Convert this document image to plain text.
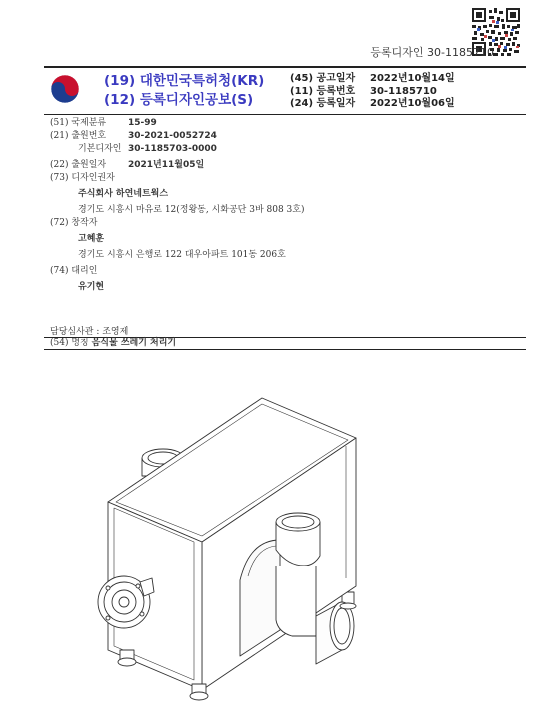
등록디자인 30-1185710
(19) 대한민국특허청(KR)
(12) 등록디자인공보(S)
(45) 공고일자	2022년10월14일
(11) 등록번호	30-1185710
(24) 등록일자	2022년10월06일
(51) 국제분류	15-99
(21) 출원번호	30-2021-0052724
기본디자인 30-1185703-0000
(22) 출원일자	2021년11월05일
(73) 디자인권자
주식회사 하연네트웍스
경기도 시흥시 마유로 12(정왕동, 시화공단 3바 808 3호)
(72) 창작자
고혜훈
경기도 시흥시 은행로 122 대우아파트 101동 206호
(74) 대리인
유기현
담당심사관 : 조영제
(54) 명칭 음식물 쓰레기 처리기
